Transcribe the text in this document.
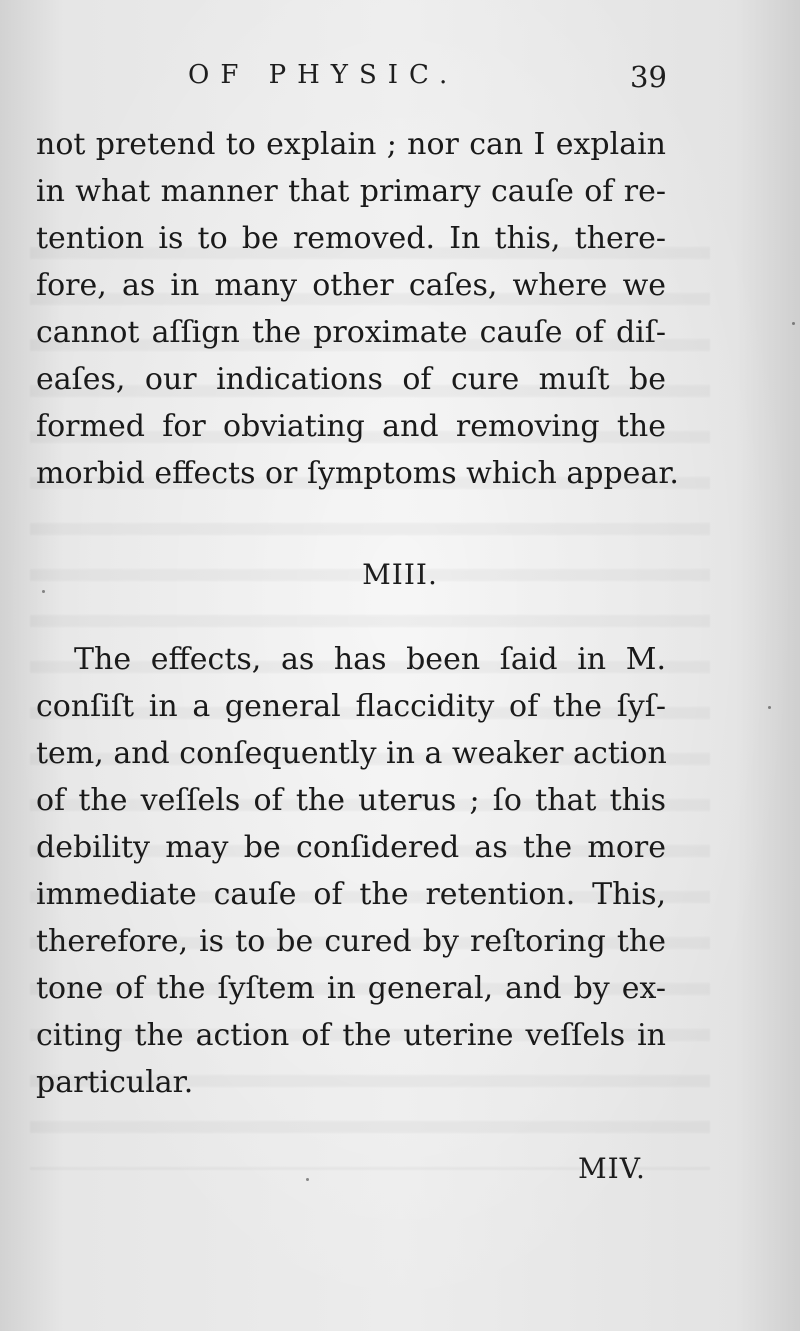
OF PHYSIC.	39
not pretend to explain ; nor can I explain
in what manner that primary cauſe of re-
tention is to be removed. In this, there-
fore, as in many other caſes, where we
cannot aſſign the proximate cauſe of diſ-
eaſes, our indications of cure muſt be
formed for obviating and removing the
morbid effects or ſymptoms which appear.
MIII.
The effects, as has been ſaid in M.
conſiſt in a general flaccidity of the ſyſ-
tem, and conſequently in a weaker action
of the veſſels of the uterus ; ſo that this
debility may be conſidered as the more
immediate cauſe of the retention. This,
therefore, is to be cured by reſtoring the
tone of the ſyſtem in general, and by ex-
citing the action of the uterine veſſels in
particular.
MIV.
